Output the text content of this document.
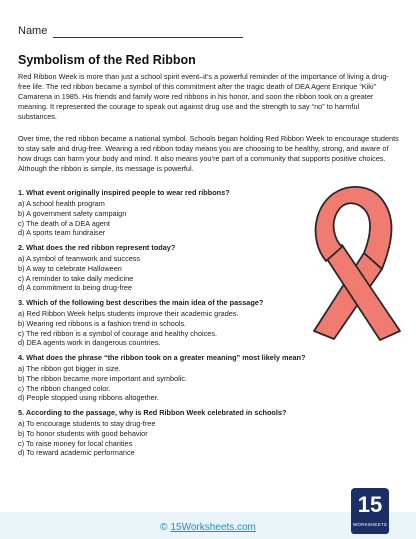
Name
Symbolism of the Red Ribbon

Red Ribbon Week is more than just a school spirit event–it’s a powerful reminder of the importance of living a drug-free life. The red ribbon became a symbol of this commitment after the tragic death of DEA Agent Enrique “Kiki” Camarena in 1985. His friends and family wore red ribbons in his honor, and soon the ribbon took on a greater meaning. It represented the courage to speak out against drug use and the strength to say “no” to harmful substances.

Over time, the red ribbon became a national symbol. Schools began holding Red Ribbon Week to encourage students to stay safe and drug-free. Wearing a red ribbon today means you are choosing to be healthy, strong, and aware of how drugs can harm your body and mind. It also means you’re part of a community that supports positive choices. Although the ribbon is simple, its message is powerful.

1. What event originally inspired people to wear red ribbons?
a) A school health program
b) A government safety campaign
c) The death of a DEA agent
d) A sports team fundraiser
2. What does the red ribbon represent today?
a) A symbol of teamwork and success
b) A way to celebrate Halloween
c) A reminder to take daily medicine
d) A commitment to being drug-free
3. Which of the following best describes the main idea of the passage?
a) Red Ribbon Week helps students improve their academic grades.
b) Wearing red ribbons is a fashion trend in schools.
c) The red ribbon is a symbol of courage and healthy choices.
d) DEA agents work in dangerous countries.
4. What does the phrase “the ribbon took on a greater meaning” most likely mean?
a) The ribbon got bigger in size.
b) The ribbon became more important and symbolic.
c) The ribbon changed color.
d) People stopped using ribbons altogether.
5. According to the passage, why is Red Ribbon Week celebrated in schools?
a) To encourage students to stay drug-free
b) To honor students with good behavior
c) To raise money for local charities
d) To reward academic performance
© 15Worksheets.com
15
WORKSHEETS
